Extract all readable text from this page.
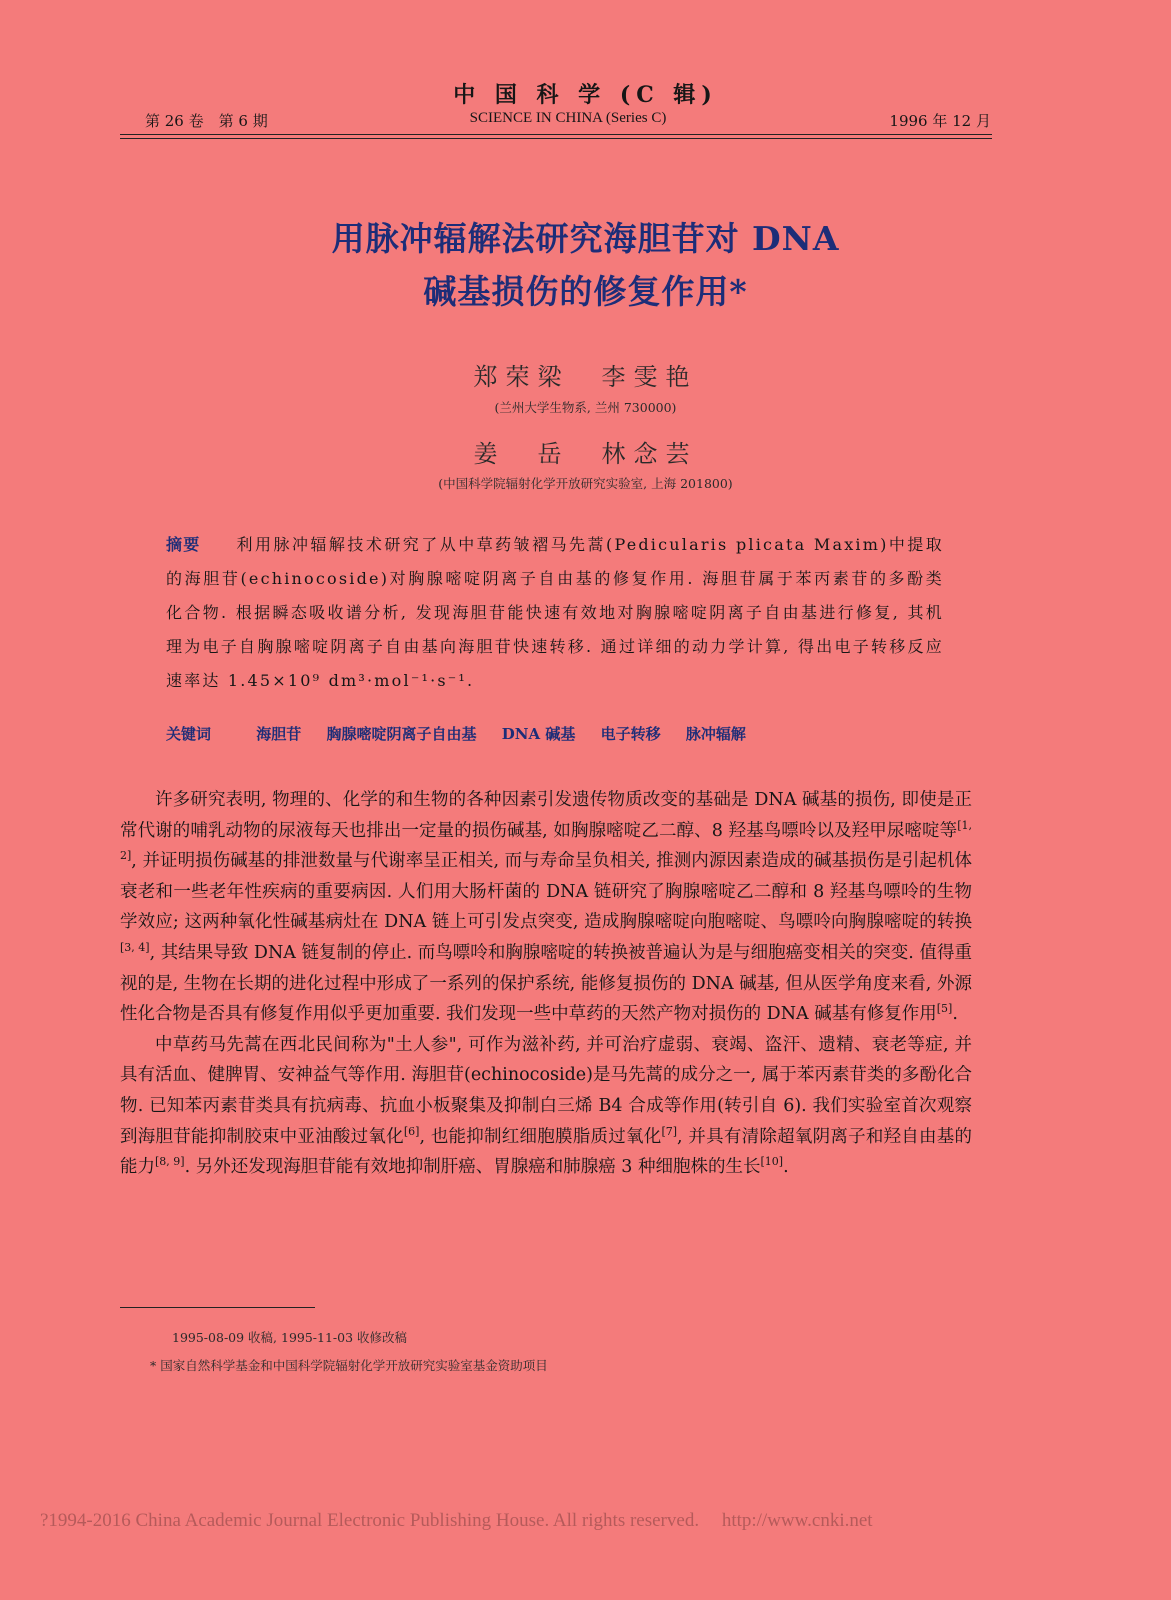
中 国 科 学 (C 辑)
第 26 卷　第 6 期	SCIENCE IN CHINA (Series C)	1996 年 12 月
用脉冲辐解法研究海胆苷对 DNA
碱基损伤的修复作用*
郑荣梁　李雯艳
(兰州大学生物系, 兰州 730000)
姜　岳　林念芸
(中国科学院辐射化学开放研究实验室, 上海 201800)
摘要 利用脉冲辐解技术研究了从中草药皱褶马先蒿(Pedicularis plicata Maxim)中提取的海胆苷(echinocoside)对胸腺嘧啶阴离子自由基的修复作用. 海胆苷属于苯丙素苷的多酚类化合物. 根据瞬态吸收谱分析, 发现海胆苷能快速有效地对胸腺嘧啶阴离子自由基进行修复, 其机理为电子自胸腺嘧啶阴离子自由基向海胆苷快速转移. 通过详细的动力学计算, 得出电子转移反应速率达 1.45×10⁹ dm³·mol⁻¹·s⁻¹.
关键词	海胆苷 胸腺嘧啶阴离子自由基 DNA 碱基 电子转移 脉冲辐解

许多研究表明, 物理的、化学的和生物的各种因素引发遗传物质改变的基础是 DNA 碱基的损伤, 即使是正常代谢的哺乳动物的尿液每天也排出一定量的损伤碱基, 如胸腺嘧啶乙二醇、8 羟基鸟嘌呤以及羟甲尿嘧啶等[1, 2], 并证明损伤碱基的排泄数量与代谢率呈正相关, 而与寿命呈负相关, 推测内源因素造成的碱基损伤是引起机体衰老和一些老年性疾病的重要病因. 人们用大肠杆菌的 DNA 链研究了胸腺嘧啶乙二醇和 8 羟基鸟嘌呤的生物学效应; 这两种氧化性碱基病灶在 DNA 链上可引发点突变, 造成胸腺嘧啶向胞嘧啶、鸟嘌呤向胸腺嘧啶的转换[3, 4], 其结果导致 DNA 链复制的停止. 而鸟嘌呤和胸腺嘧啶的转换被普遍认为是与细胞癌变相关的突变. 值得重视的是, 生物在长期的进化过程中形成了一系列的保护系统, 能修复损伤的 DNA 碱基, 但从医学角度来看, 外源性化合物是否具有修复作用似乎更加重要. 我们发现一些中草药的天然产物对损伤的 DNA 碱基有修复作用[5].

中草药马先蒿在西北民间称为"土人参", 可作为滋补药, 并可治疗虚弱、衰竭、盗汗、遗精、衰老等症, 并具有活血、健脾胃、安神益气等作用. 海胆苷(echinocoside)是马先蒿的成分之一, 属于苯丙素苷类的多酚化合物. 已知苯丙素苷类具有抗病毒、抗血小板聚集及抑制白三烯 B4 合成等作用(转引自 6). 我们实验室首次观察到海胆苷能抑制胶束中亚油酸过氧化[6], 也能抑制红细胞膜脂质过氧化[7], 并具有清除超氧阴离子和羟自由基的能力[8, 9]. 另外还发现海胆苷能有效地抑制肝癌、胃腺癌和肺腺癌 3 种细胞株的生长[10].

1995-08-09 收稿, 1995-11-03 收修改稿
* 国家自然科学基金和中国科学院辐射化学开放研究实验室基金资助项目
?1994-2016 China Academic Journal Electronic Publishing House. All rights reserved. http://www.cnki.net
